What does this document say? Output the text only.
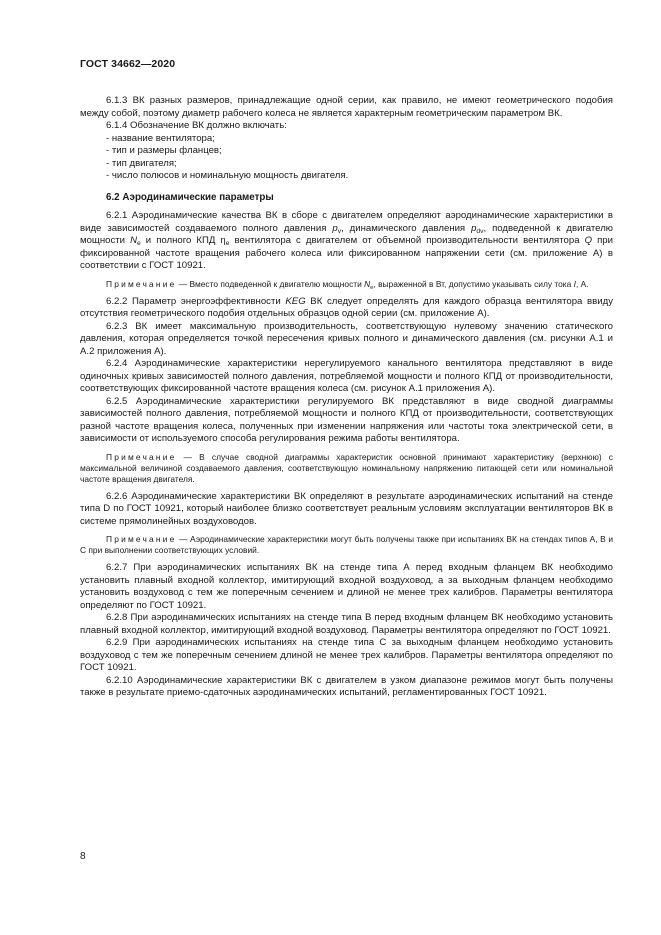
ГОСТ 34662—2020

6.1.3 ВК разных размеров, принадлежащие одной серии, как правило, не имеют геометрического подобия между собой, поэтому диаметр рабочего колеса не является характерным геометрическим параметром ВК.

6.1.4 Обозначение ВК должно включать:

- название вентилятора;

- тип и размеры фланцев;

- тип двигателя;

- число полюсов и номинальную мощность двигателя.

6.2 Аэродинамические параметры

6.2.1 Аэродинамические качества ВК в сборе с двигателем определяют аэродинамические характеристики в виде зависимостей создаваемого полного давления $p_v$, динамического давления $p_{dv}$, подведенной к двигателю мощности $N_e$ и полного КПД $\eta_e$ вентилятора с двигателем от объемной производительности вентилятора Q при фиксированной частоте вращения рабочего колеса или фиксированном напряжении сети (см. приложение А) в соответствии с ГОСТ 10921.

Примечание — Вместо подведенной к двигателю мощности $N_e$, выраженной в Вт, допустимо указывать силу тока I, А.

6.2.2 Параметр энергоэффективности KEG ВК следует определять для каждого образца вентилятора ввиду отсутствия геометрического подобия отдельных образцов одной серии (см. приложение А).

6.2.3 ВК имеет максимальную производительность, соответствующую нулевому значению статического давления, которая определяется точкой пересечения кривых полного и динамического давления (см. рисунки А.1 и А.2 приложения А).

6.2.4 Аэродинамические характеристики нерегулируемого канального вентилятора представляют в виде одиночных кривых зависимостей полного давления, потребляемой мощности и полного КПД от производительности, соответствующих фиксированной частоте вращения колеса (см. рисунок А.1 приложения А).

6.2.5 Аэродинамические характеристики регулируемого ВК представляют в виде сводной диаграммы зависимостей полного давления, потребляемой мощности и полного КПД от производительности, соответствующих разной частоте вращения колеса, полученных при изменении напряжения или частоты тока электрической сети, в зависимости от используемого способа регулирования режима работы вентилятора.

Примечание — В случае сводной диаграммы характеристик основной принимают характеристику (верхнюю) с максимальной величиной создаваемого давления, соответствующую номинальному напряжению питающей сети или номинальной частоте вращения двигателя.

6.2.6 Аэродинамические характеристики ВК определяют в результате аэродинамических испытаний на стенде типа D по ГОСТ 10921, который наиболее близко соответствует реальным условиям эксплуатации вентиляторов ВК в системе прямолинейных воздуховодов.

Примечание — Аэродинамические характеристики могут быть получены также при испытаниях ВК на стендах типов А, В и С при выполнении соответствующих условий.

6.2.7 При аэродинамических испытаниях ВК на стенде типа А перед входным фланцем ВК необходимо установить плавный входной коллектор, имитирующий входной воздуховод, а за выходным фланцем необходимо установить воздуховод с тем же поперечным сечением и длиной не менее трех калибров. Параметры вентилятора определяют по ГОСТ 10921.

6.2.8 При аэродинамических испытаниях на стенде типа В перед входным фланцем ВК необходимо установить плавный входной коллектор, имитирующий входной воздуховод. Параметры вентилятора определяют по ГОСТ 10921.

6.2.9 При аэродинамических испытаниях на стенде типа С за выходным фланцем необходимо установить воздуховод с тем же поперечным сечением длиной не менее трех калибров. Параметры вентилятора определяют по ГОСТ 10921.

6.2.10 Аэродинамические характеристики ВК с двигателем в узком диапазоне режимов могут быть получены также в результате приемо-сдаточных аэродинамических испытаний, регламентированных ГОСТ 10921.

8
